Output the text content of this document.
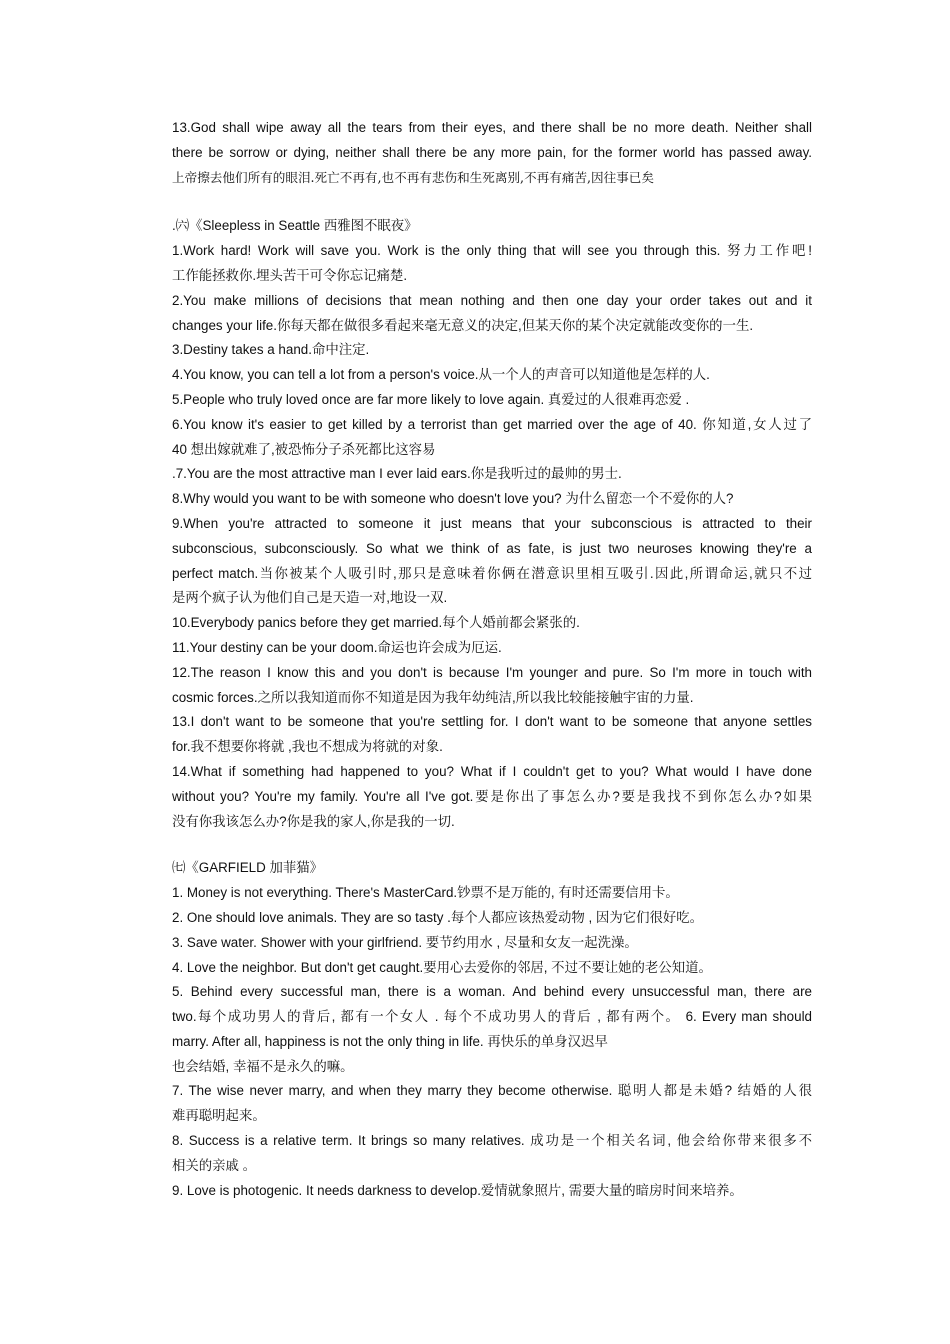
13.God shall wipe away all the tears from their eyes, and there shall be no more death. Neither shall
there be sorrow or dying, neither shall there be any more pain, for the former world has passed away.
上帝擦去他们所有的眼泪.死亡不再有,也不再有悲伤和生死离别,不再有痛苦,因往事已矣
.㈥《Sleepless in Seattle 西雅图不眠夜》
1.Work hard! Work will save you. Work is the only thing that will see you through this. 努力工作吧!
工作能拯救你.埋头苦干可令你忘记痛楚.
2.You make millions of decisions that mean nothing and then one day your order takes out and it
changes your life.你每天都在做很多看起来毫无意义的决定,但某天你的某个决定就能改变你的一生.
3.Destiny takes a hand.命中注定.
4.You know, you can tell a lot from a person's voice.从一个人的声音可以知道他是怎样的人.
5.People who truly loved once are far more likely to love again. 真爱过的人很难再恋爱 .
6.You know it's easier to get killed by a terrorist than get married over the age of 40. 你知道,女人过了
40 想出嫁就难了,被恐怖分子杀死都比这容易
.7.You are the most attractive man I ever laid ears.你是我听过的最帅的男士.
8.Why would you want to be with someone who doesn't love you? 为什么留恋一个不爱你的人?
9.When you're attracted to someone it just means that your subconscious is attracted to their
subconscious, subconsciously. So what we think of as fate, is just two neuroses knowing they're a
perfect match.当你被某个人吸引时,那只是意味着你俩在潜意识里相互吸引.因此,所谓命运,就只不过
是两个疯子认为他们自己是天造一对,地设一双.
10.Everybody panics before they get married.每个人婚前都会紧张的.
11.Your destiny can be your doom.命运也许会成为厄运.
12.The reason I know this and you don't is because I'm younger and pure. So I'm more in touch with
cosmic forces.之所以我知道而你不知道是因为我年幼纯洁,所以我比较能接触宇宙的力量.
13.I don't want to be someone that you're settling for. I don't want to be someone that anyone settles
for.我不想要你将就 ,我也不想成为将就的对象.
14.What if something had happened to you? What if I couldn't get to you? What would I have done
without you? You're my family. You're all I've got.要是你出了事怎么办?要是我找不到你怎么办?如果
没有你我该怎么办?你是我的家人,你是我的一切.
㈦《GARFIELD 加菲猫》
1. Money is not everything. There's MasterCard.钞票不是万能的, 有时还需要信用卡。
2. One should love animals. They are so tasty .每个人都应该热爱动物 , 因为它们很好吃。
3. Save water. Shower with your girlfriend. 要节约用水 , 尽量和女友一起洗澡。
4. Love the neighbor. But don't get caught.要用心去爱你的邻居, 不过不要让她的老公知道。
5. Behind every successful man, there is a woman. And behind every unsuccessful man, there are
two.每个成功男人的背后, 都有一个女人 . 每个不成功男人的背后 , 都有两个。 6. Every man should
marry. After all, happiness is not the only thing in life. 再快乐的单身汉迟早
也会结婚, 幸福不是永久的嘛。
7. The wise never marry, and when they marry they become otherwise. 聪明人都是未婚? 结婚的人很
难再聪明起来。
8. Success is a relative term. It brings so many relatives. 成功是一个相关名词, 他会给你带来很多不
相关的亲戚 。
9. Love is photogenic. It needs darkness to develop.爱情就象照片, 需要大量的暗房时间来培养。
